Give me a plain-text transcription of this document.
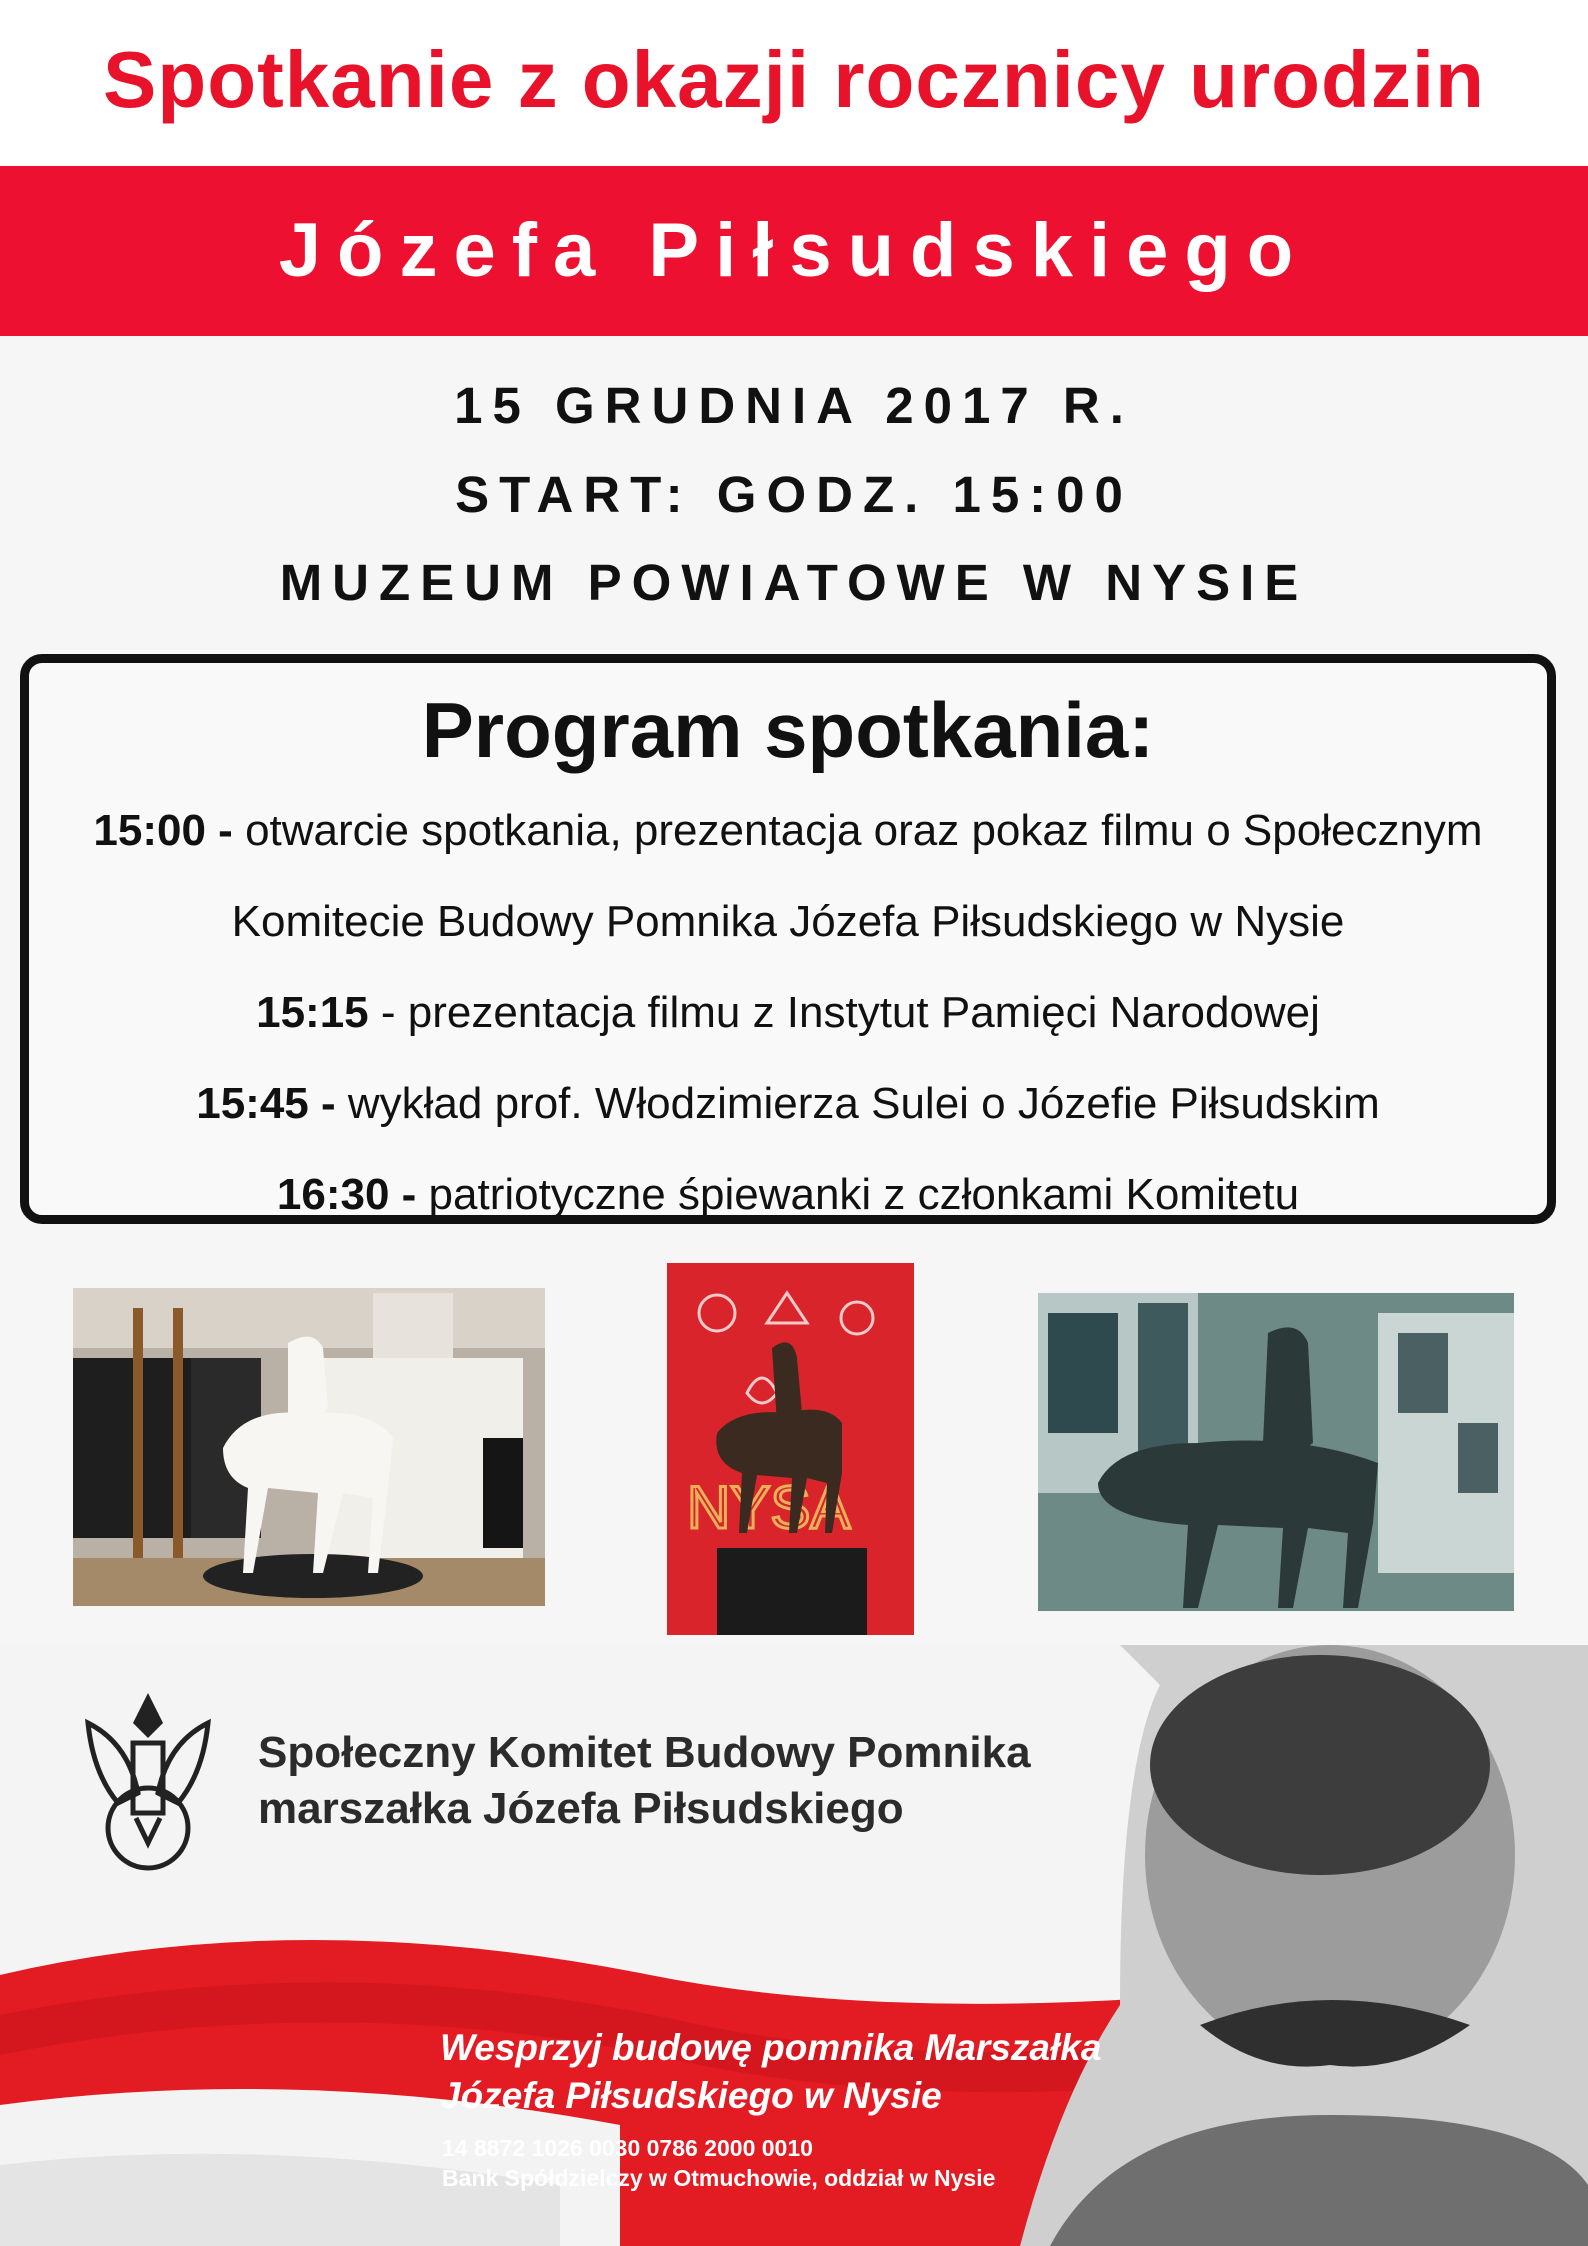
Spotkanie z okazji rocznicy urodzin
Józefa Piłsudskiego
15 GRUDNIA 2017 R.
START: GODZ. 15:00
MUZEUM POWIATOWE W NYSIE
Program spotkania:
15:00 - otwarcie spotkania, prezentacja oraz pokaz filmu o Społecznym
Komitecie Budowy Pomnika Józefa Piłsudskiego w Nysie
15:15 - prezentacja filmu z Instytut Pamięci Narodowej
15:45 - wykład prof. Włodzimierza Sulei o Józefie Piłsudskim
16:30 - patriotyczne śpiewanki z członkami Komitetu
NYSA
Społeczny Komitet Budowy Pomnika
marszałka Józefa Piłsudskiego
Wesprzyj budowę pomnika Marszałka
Józefa Piłsudskiego w Nysie
14 8872 1026 0030 0786 2000 0010
Bank Spółdzielczy w Otmuchowie, oddział w Nysie
